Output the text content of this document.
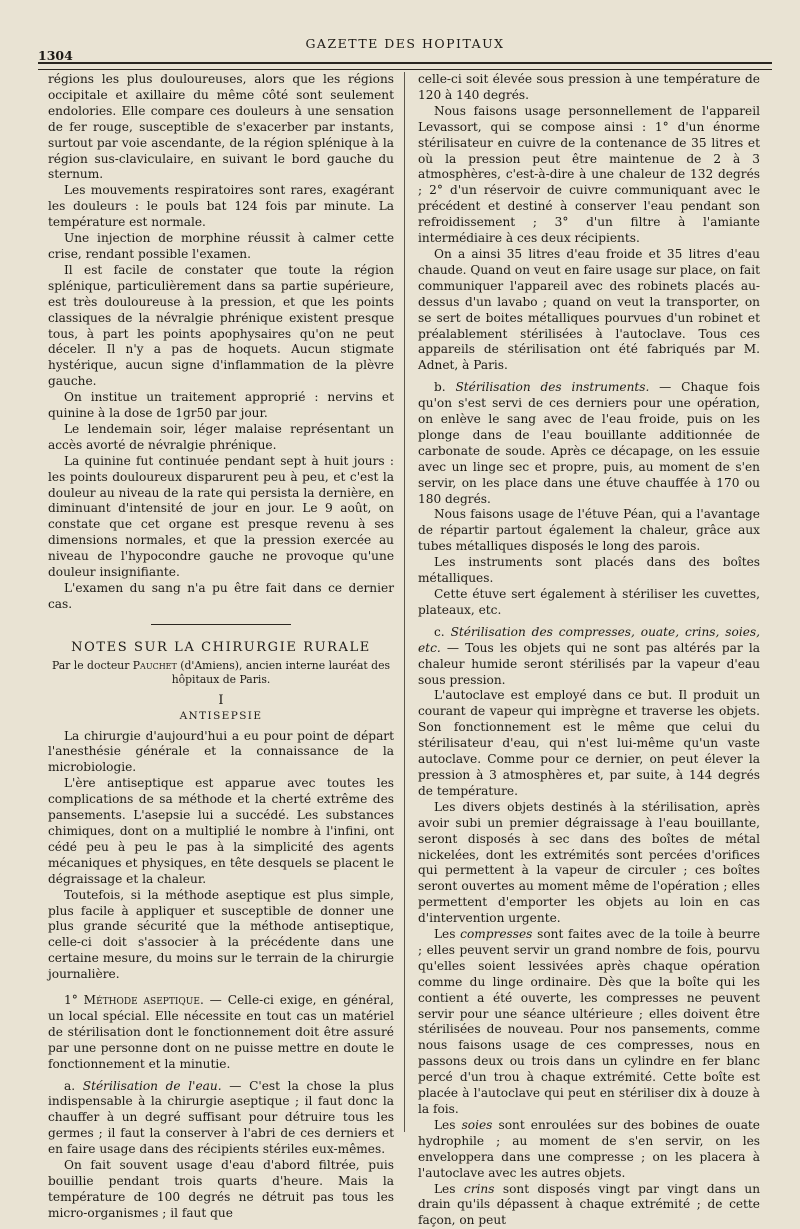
1304
GAZETTE DES HOPITAUX

régions les plus douloureuses, alors que les régions occipitale et axillaire du même côté sont seulement endolories. Elle compare ces douleurs à une sensation de fer rouge, susceptible de s'exacerber par instants, surtout par voie ascendante, de la région splénique à la région sus-claviculaire, en suivant le bord gauche du sternum.

Les mouvements respiratoires sont rares, exagérant les douleurs : le pouls bat 124 fois par minute. La température est normale.

Une injection de morphine réussit à calmer cette crise, rendant possible l'examen.

Il est facile de constater que toute la région splénique, particulièrement dans sa partie supérieure, est très douloureuse à la pression, et que les points classiques de la névralgie phrénique existent presque tous, à part les points apophysaires qu'on ne peut déceler. Il n'y a pas de hoquets. Aucun stigmate hystérique, aucun signe d'inflammation de la plèvre gauche.

On institue un traitement approprié : nervins et quinine à la dose de 1gr50 par jour.

Le lendemain soir, léger malaise représentant un accès avorté de névralgie phrénique.

La quinine fut continuée pendant sept à huit jours : les points douloureux disparurent peu à peu, et c'est la douleur au niveau de la rate qui persista la dernière, en diminuant d'intensité de jour en jour. Le 9 août, on constate que cet organe est presque revenu à ses dimensions normales, et que la pression exercée au niveau de l'hypocondre gauche ne provoque qu'une douleur insignifiante.

L'examen du sang n'a pu être fait dans ce dernier cas.

NOTES SUR LA CHIRURGIE RURALE
Par le docteur Pauchet (d'Amiens), ancien interne lauréat des hôpitaux de Paris.
I
ANTISEPSIE

La chirurgie d'aujourd'hui a eu pour point de départ l'anesthésie générale et la connaissance de la microbiologie.

L'ère antiseptique est apparue avec toutes les complications de sa méthode et la cherté extrême des pansements. L'asepsie lui a succédé. Les substances chimiques, dont on a multiplié le nombre à l'infini, ont cédé peu à peu le pas à la simplicité des agents mécaniques et physiques, en tête desquels se placent le dégraissage et la chaleur.

Toutefois, si la méthode aseptique est plus simple, plus facile à appliquer et susceptible de donner une plus grande sécurité que la méthode antiseptique, celle-ci doit s'associer à la précédente dans une certaine mesure, du moins sur le terrain de la chirurgie journalière.

1° Méthode aseptique. — Celle-ci exige, en général, un local spécial. Elle nécessite en tout cas un matériel de stérilisation dont le fonctionnement doit être assuré par une personne dont on ne puisse mettre en doute le fonctionnement et la minutie.

a. Stérilisation de l'eau. — C'est la chose la plus indispensable à la chirurgie aseptique ; il faut donc la chauffer à un degré suffisant pour détruire tous les germes ; il faut la conserver à l'abri de ces derniers et en faire usage dans des récipients stériles eux-mêmes.

On fait souvent usage d'eau d'abord filtrée, puis bouillie pendant trois quarts d'heure. Mais la température de 100 degrés ne détruit pas tous les micro-organismes ; il faut que

celle-ci soit élevée sous pression à une température de 120 à 140 degrés.

Nous faisons usage personnellement de l'appareil Levassort, qui se compose ainsi : 1° d'un énorme stérilisateur en cuivre de la contenance de 35 litres et où la pression peut être maintenue de 2 à 3 atmosphères, c'est-à-dire à une chaleur de 132 degrés ; 2° d'un réservoir de cuivre communiquant avec le précédent et destiné à conserver l'eau pendant son refroidissement ; 3° d'un filtre à l'amiante intermédiaire à ces deux récipients.

On a ainsi 35 litres d'eau froide et 35 litres d'eau chaude. Quand on veut en faire usage sur place, on fait communiquer l'appareil avec des robinets placés au-dessus d'un lavabo ; quand on veut la transporter, on se sert de boites métalliques pourvues d'un robinet et préalablement stérilisées à l'autoclave. Tous ces appareils de stérilisation ont été fabriqués par M. Adnet, à Paris.

b. Stérilisation des instruments. — Chaque fois qu'on s'est servi de ces derniers pour une opération, on enlève le sang avec de l'eau froide, puis on les plonge dans de l'eau bouillante additionnée de carbonate de soude. Après ce décapage, on les essuie avec un linge sec et propre, puis, au moment de s'en servir, on les place dans une étuve chauffée à 170 ou 180 degrés.

Nous faisons usage de l'étuve Péan, qui a l'avantage de répartir partout également la chaleur, grâce aux tubes métalliques disposés le long des parois.

Les instruments sont placés dans des boîtes métalliques.

Cette étuve sert également à stériliser les cuvettes, plateaux, etc.

c. Stérilisation des compresses, ouate, crins, soies, etc. — Tous les objets qui ne sont pas altérés par la chaleur humide seront stérilisés par la vapeur d'eau sous pression.

L'autoclave est employé dans ce but. Il produit un courant de vapeur qui imprègne et traverse les objets. Son fonctionnement est le même que celui du stérilisateur d'eau, qui n'est lui-même qu'un vaste autoclave. Comme pour ce dernier, on peut élever la pression à 3 atmosphères et, par suite, à 144 degrés de température.

Les divers objets destinés à la stérilisation, après avoir subi un premier dégraissage à l'eau bouillante, seront disposés à sec dans des boîtes de métal nickelées, dont les extrémités sont percées d'orifices qui permettent à la vapeur de circuler ; ces boîtes seront ouvertes au moment même de l'opération ; elles permettent d'emporter les objets au loin en cas d'intervention urgente.

Les compresses sont faites avec de la toile à beurre ; elles peuvent servir un grand nombre de fois, pourvu qu'elles soient lessivées après chaque opération comme du linge ordinaire. Dès que la boîte qui les contient a été ouverte, les compresses ne peuvent servir pour une séance ultérieure ; elles doivent être stérilisées de nouveau. Pour nos pansements, comme nous faisons usage de ces compresses, nous en passons deux ou trois dans un cylindre en fer blanc percé d'un trou à chaque extrémité. Cette boîte est placée à l'autoclave qui peut en stériliser dix à douze à la fois.

Les soies sont enroulées sur des bobines de ouate hydrophile ; au moment de s'en servir, on les enveloppera dans une compresse ; on les placera à l'autoclave avec les autres objets.

Les crins sont disposés vingt par vingt dans un drain qu'ils dépassent à chaque extrémité ; de cette façon, on peut
